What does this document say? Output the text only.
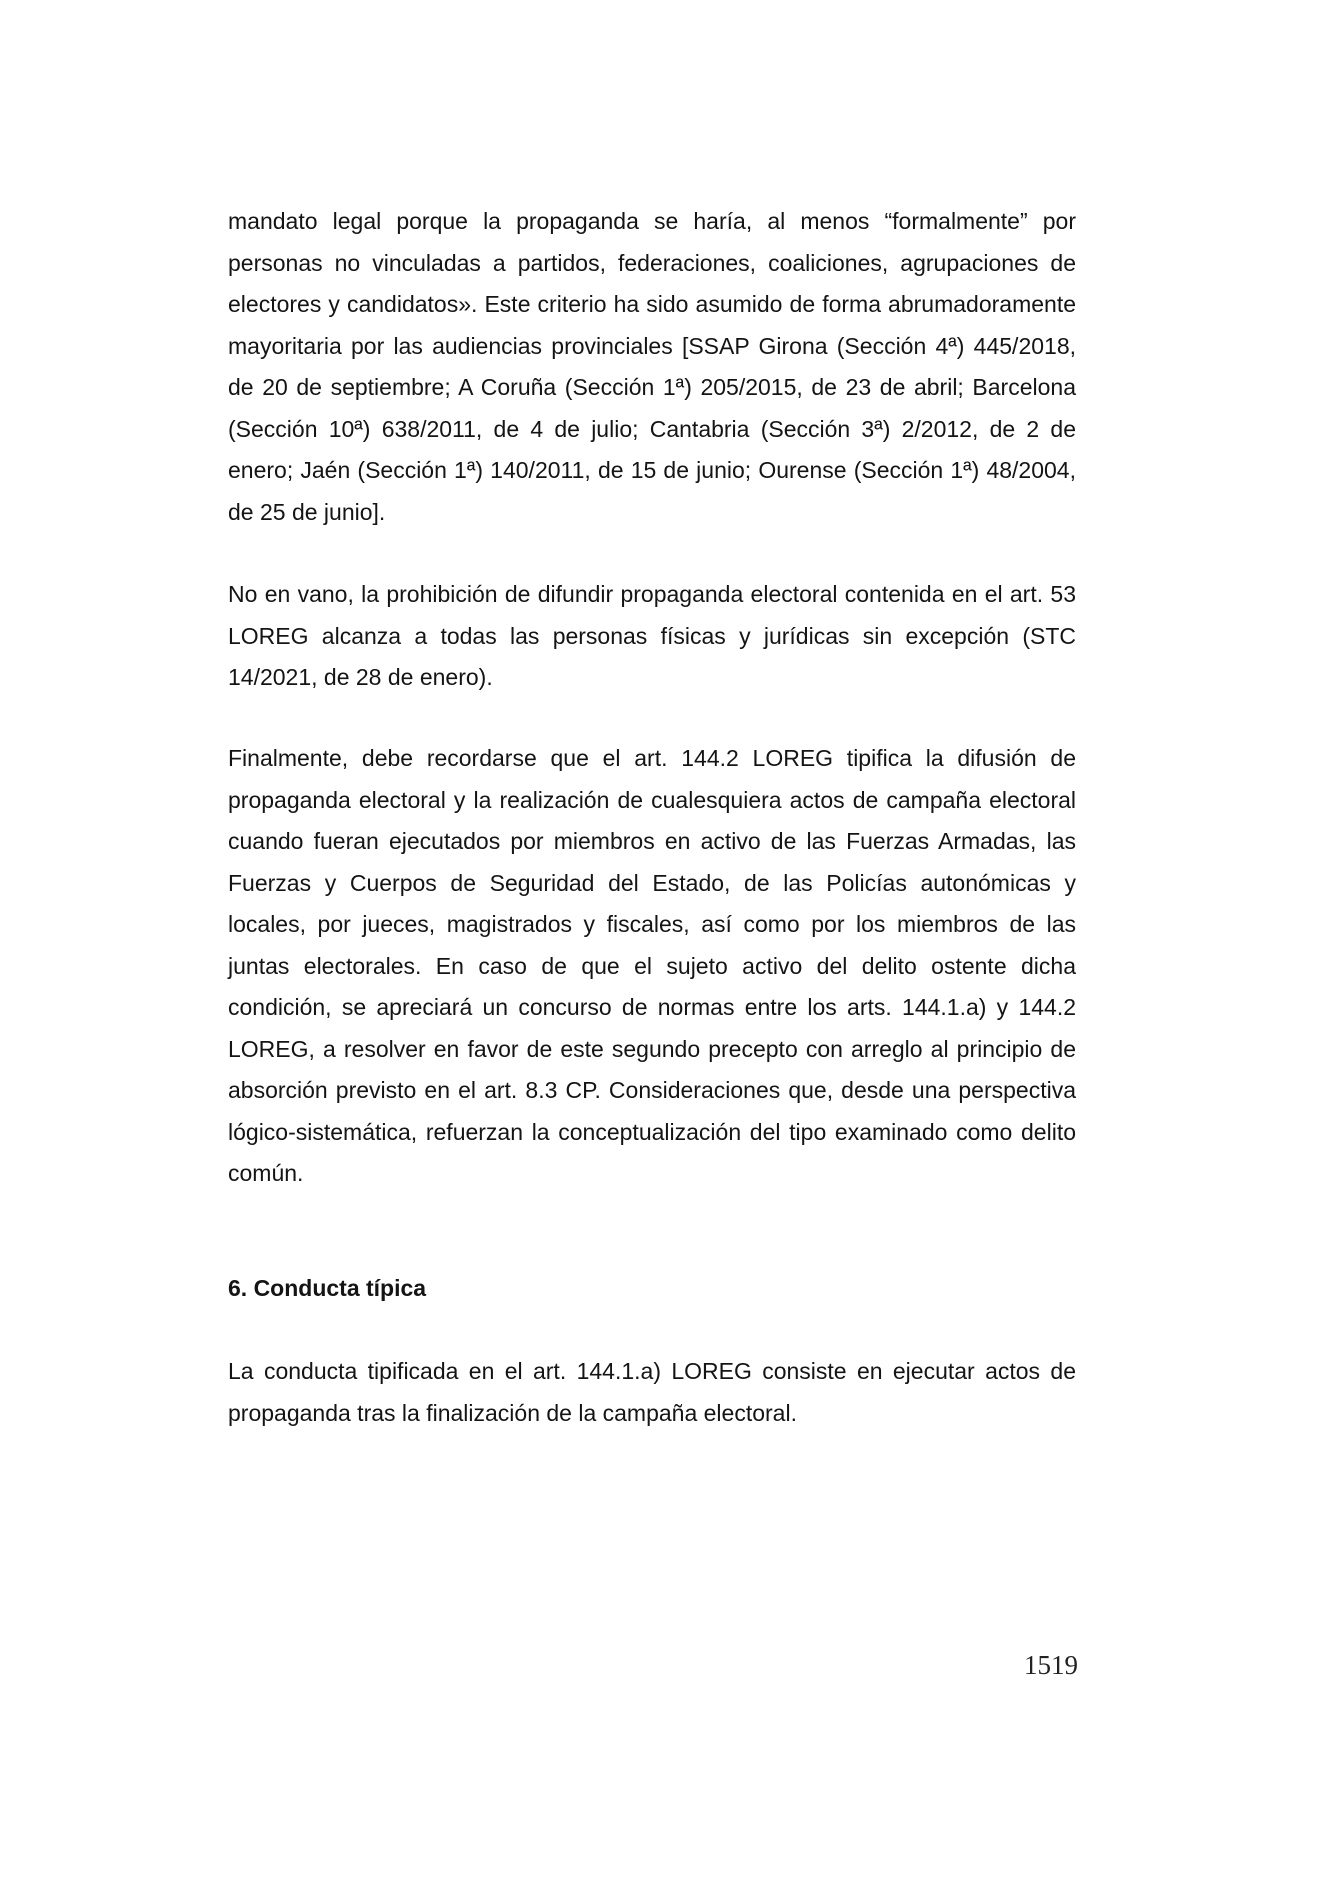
mandato legal porque la propaganda se haría, al menos “formalmente” por personas no vinculadas a partidos, federaciones, coaliciones, agrupaciones de electores y candidatos». Este criterio ha sido asumido de forma abrumadoramente mayoritaria por las audiencias provinciales [SSAP Girona (Sección 4ª) 445/2018, de 20 de septiembre; A Coruña (Sección 1ª) 205/2015, de 23 de abril; Barcelona (Sección 10ª) 638/2011, de 4 de julio; Cantabria (Sección 3ª) 2/2012, de 2 de enero; Jaén (Sección 1ª) 140/2011, de 15 de junio; Ourense (Sección 1ª) 48/2004, de 25 de junio].

No en vano, la prohibición de difundir propaganda electoral contenida en el art. 53 LOREG alcanza a todas las personas físicas y jurídicas sin excepción (STC 14/2021, de 28 de enero).

Finalmente, debe recordarse que el art. 144.2 LOREG tipifica la difusión de propaganda electoral y la realización de cualesquiera actos de campaña electoral cuando fueran ejecutados por miembros en activo de las Fuerzas Armadas, las Fuerzas y Cuerpos de Seguridad del Estado, de las Policías autonómicas y locales, por jueces, magistrados y fiscales, así como por los miembros de las juntas electorales. En caso de que el sujeto activo del delito ostente dicha condición, se apreciará un concurso de normas entre los arts. 144.1.a) y 144.2 LOREG, a resolver en favor de este segundo precepto con arreglo al principio de absorción previsto en el art. 8.3 CP. Consideraciones que, desde una perspectiva lógico-sistemática, refuerzan la conceptualización del tipo examinado como delito común.

6. Conducta típica

La conducta tipificada en el art. 144.1.a) LOREG consiste en ejecutar actos de propaganda tras la finalización de la campaña electoral.

1519
